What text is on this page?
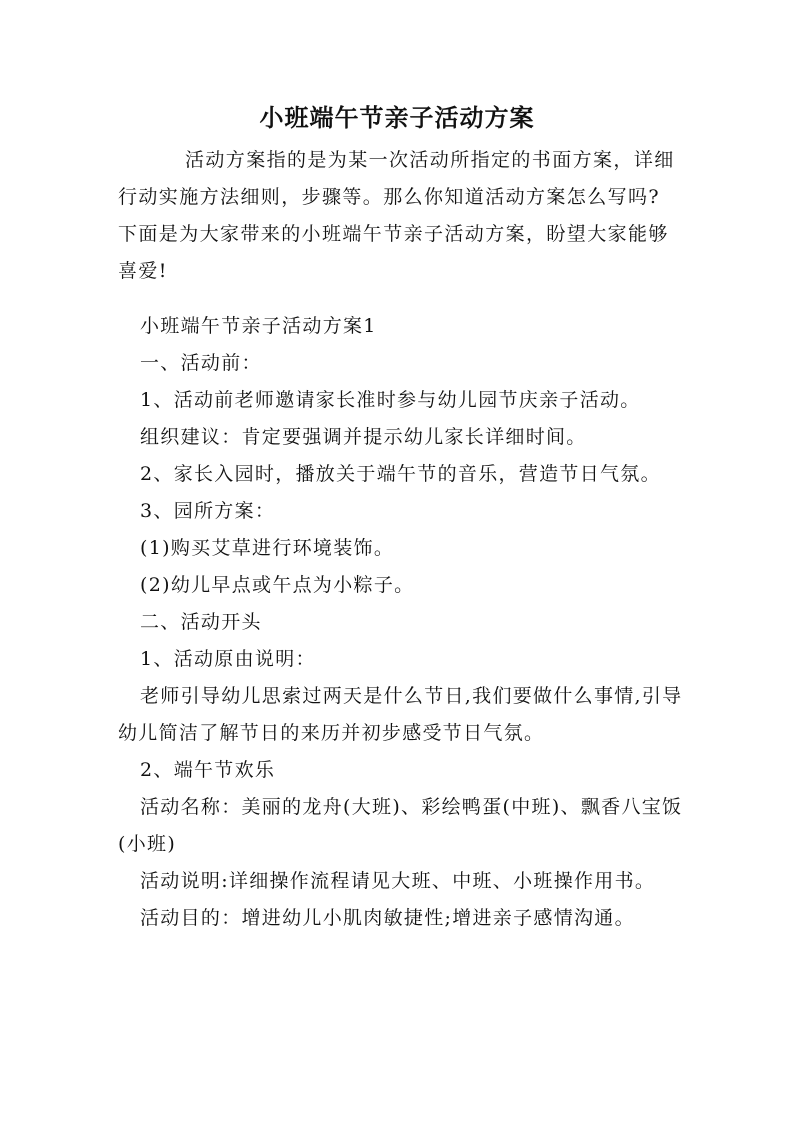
小班端午节亲子活动方案

活动方案指的是为某一次活动所指定的书面方案，详细行动实施方法细则，步骤等。那么你知道活动方案怎么写吗?下面是为大家带来的小班端午节亲子活动方案，盼望大家能够喜爱!

小班端午节亲子活动方案1

一、活动前：

1、活动前老师邀请家长准时参与幼儿园节庆亲子活动。

组织建议：肯定要强调并提示幼儿家长详细时间。

2、家长入园时，播放关于端午节的音乐，营造节日气氛。

3、园所方案：

(1)购买艾草进行环境装饰。

(2)幼儿早点或午点为小粽子。

二、活动开头

1、活动原由说明：

老师引导幼儿思索过两天是什么节日,我们要做什么事情,引导幼儿简洁了解节日的来历并初步感受节日气氛。

2、端午节欢乐

活动名称：美丽的龙舟(大班)、彩绘鸭蛋(中班)、飘香八宝饭(小班)

活动说明:详细操作流程请见大班、中班、小班操作用书。

活动目的：增进幼儿小肌肉敏捷性;增进亲子感情沟通。
